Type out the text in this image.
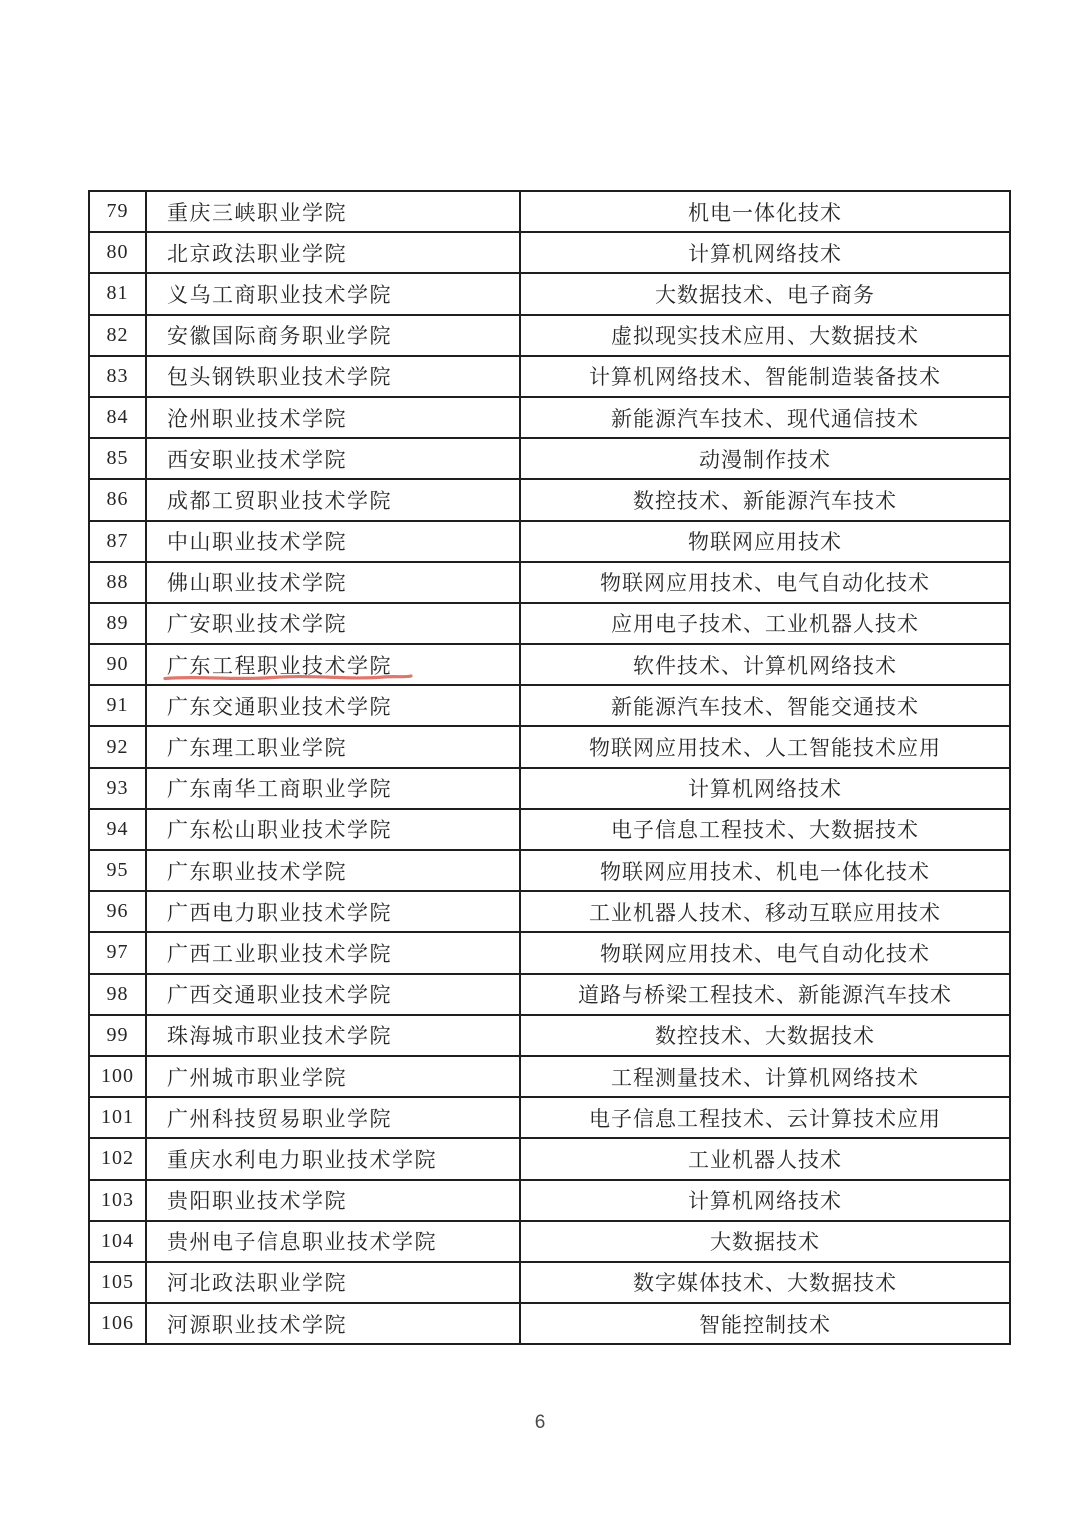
79	重庆三峡职业学院	机电一体化技术
80	北京政法职业学院	计算机网络技术
81	义乌工商职业技术学院	大数据技术、电子商务
82	安徽国际商务职业学院	虚拟现实技术应用、大数据技术
83	包头钢铁职业技术学院	计算机网络技术、智能制造装备技术
84	沧州职业技术学院	新能源汽车技术、现代通信技术
85	西安职业技术学院	动漫制作技术
86	成都工贸职业技术学院	数控技术、新能源汽车技术
87	中山职业技术学院	物联网应用技术
88	佛山职业技术学院	物联网应用技术、电气自动化技术
89	广安职业技术学院	应用电子技术、工业机器人技术
90	广东工程职业技术学院	软件技术、计算机网络技术
91	广东交通职业技术学院	新能源汽车技术、智能交通技术
92	广东理工职业学院	物联网应用技术、人工智能技术应用
93	广东南华工商职业学院	计算机网络技术
94	广东松山职业技术学院	电子信息工程技术、大数据技术
95	广东职业技术学院	物联网应用技术、机电一体化技术
96	广西电力职业技术学院	工业机器人技术、移动互联应用技术
97	广西工业职业技术学院	物联网应用技术、电气自动化技术
98	广西交通职业技术学院	道路与桥梁工程技术、新能源汽车技术
99	珠海城市职业技术学院	数控技术、大数据技术
100	广州城市职业学院	工程测量技术、计算机网络技术
101	广州科技贸易职业学院	电子信息工程技术、云计算技术应用
102	重庆水利电力职业技术学院	工业机器人技术
103	贵阳职业技术学院	计算机网络技术
104	贵州电子信息职业技术学院	大数据技术
105	河北政法职业学院	数字媒体技术、大数据技术
106	河源职业技术学院	智能控制技术
6
